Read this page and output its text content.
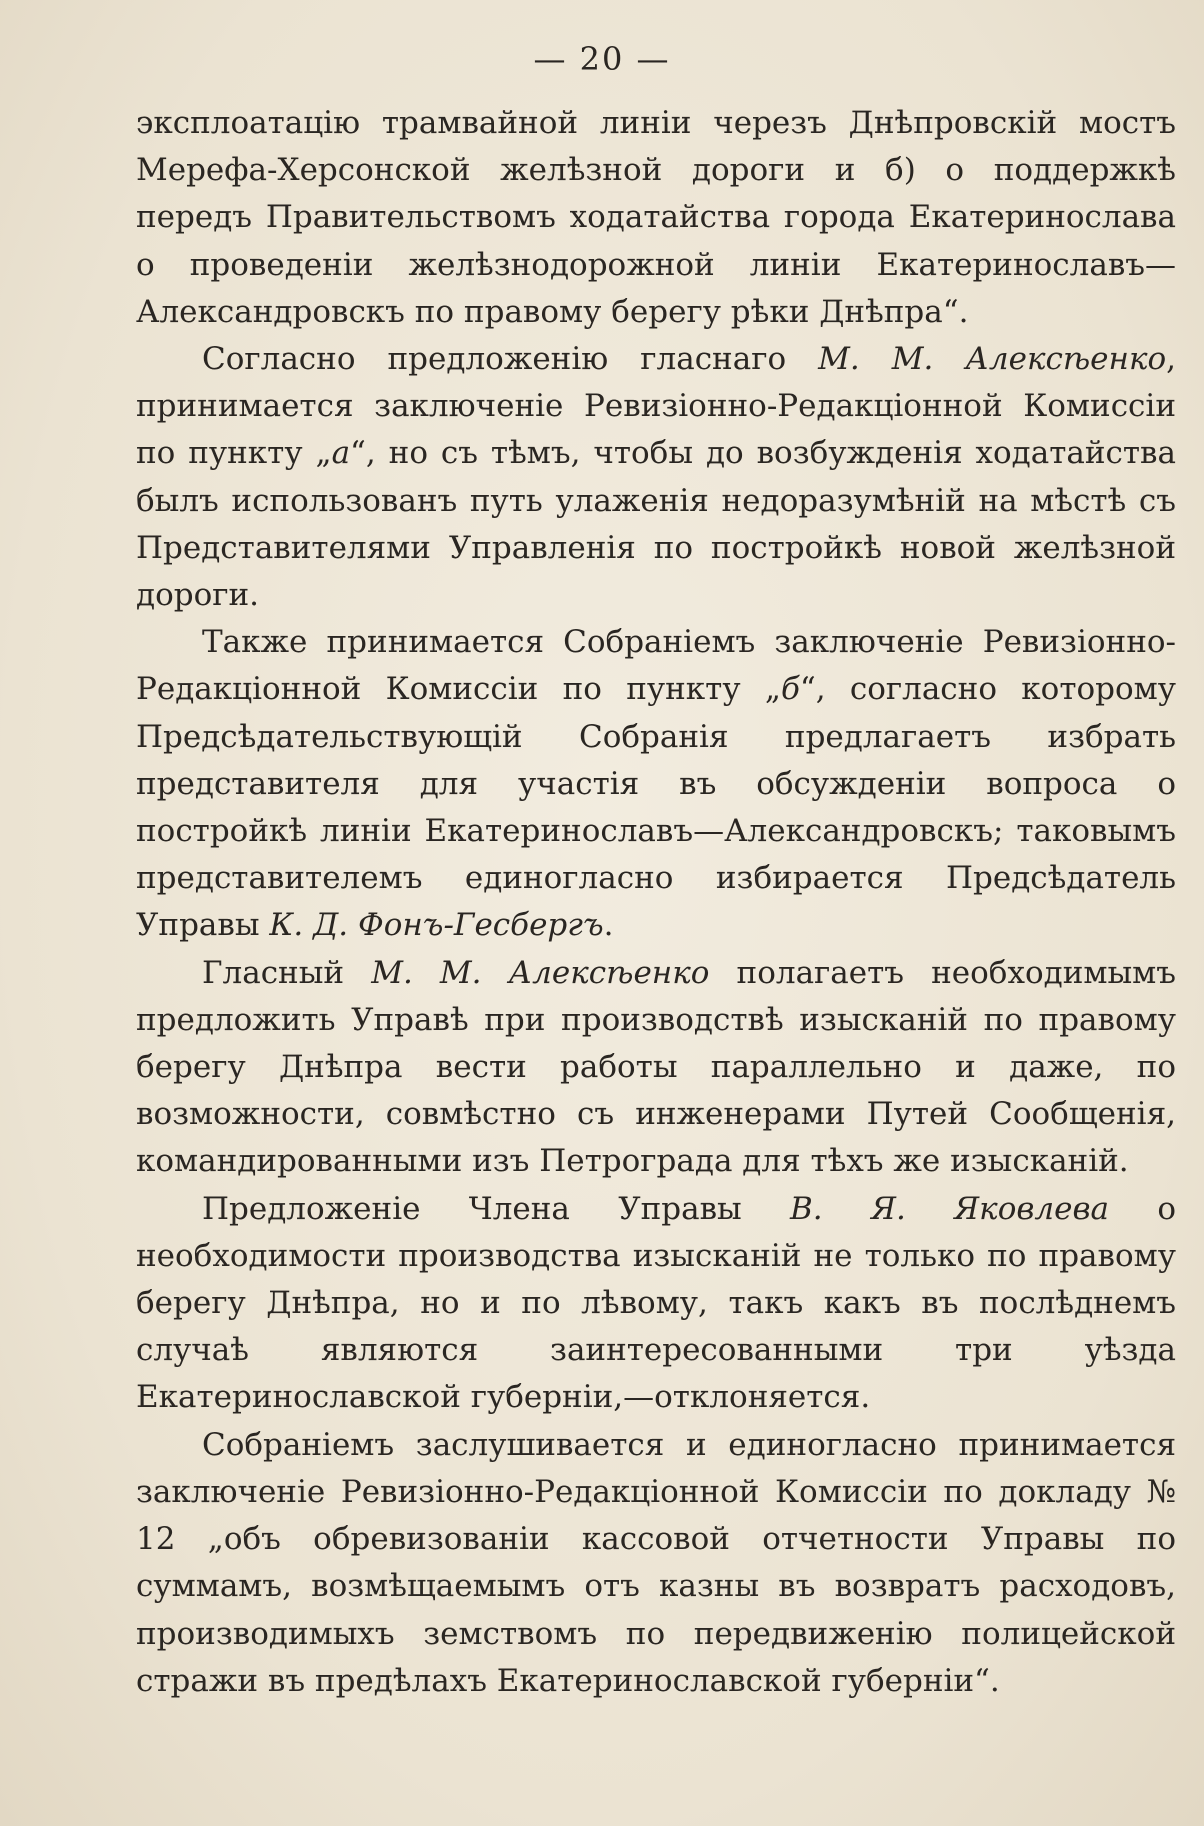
— 20 —

эксплоатацію трамвайной линіи черезъ Днѣпровскій мостъ Мерефа-Херсонской желѣзной дороги и б) о поддержкѣ передъ Правительствомъ ходатайства города Екатеринослава о проведеніи желѣзнодорожной линіи Екатеринославъ—Александровскъ по правому берегу рѣки Днѣпра“.

Согласно предложенію гласнаго М. М. Алексѣенко, принимается заключеніе Ревизіонно-Редакціонной Комиссіи по пункту „а“, но съ тѣмъ, чтобы до возбужденія ходатайства былъ использованъ путь улаженія недоразумѣній на мѣстѣ съ Представителями Управленія по постройкѣ новой желѣзной дороги.

Также принимается Собраніемъ заключеніе Ревизіонно-Редакціонной Комиссіи по пункту „б“, согласно которому Предсѣдательствующій Собранія предлагаетъ избрать представителя для участія въ обсужденіи вопроса о постройкѣ линіи Екатеринославъ—Александровскъ; таковымъ представителемъ единогласно избирается Предсѣдатель Управы К. Д. Фонъ-Гесбергъ.

Гласный М. М. Алексѣенко полагаетъ необходимымъ предложить Управѣ при производствѣ изысканій по правому берегу Днѣпра вести работы параллельно и даже, по возможности, совмѣстно съ инженерами Путей Сообщенія, командированными изъ Петрограда для тѣхъ же изысканій.

Предложеніе Члена Управы В. Я. Яковлева о необходимости производства изысканій не только по правому берегу Днѣпра, но и по лѣвому, такъ какъ въ послѣднемъ случаѣ являются заинтересованными три уѣзда Екатеринославской губерніи,—отклоняется.

Собраніемъ заслушивается и единогласно принимается заключеніе Ревизіонно-Редакціонной Комиссіи по докладу № 12 „объ обревизованіи кассовой отчетности Управы по суммамъ, возмѣщаемымъ отъ казны въ возвратъ расходовъ, производимыхъ земствомъ по передвиженію полицейской стражи въ предѣлахъ Екатеринославской губерніи“.
